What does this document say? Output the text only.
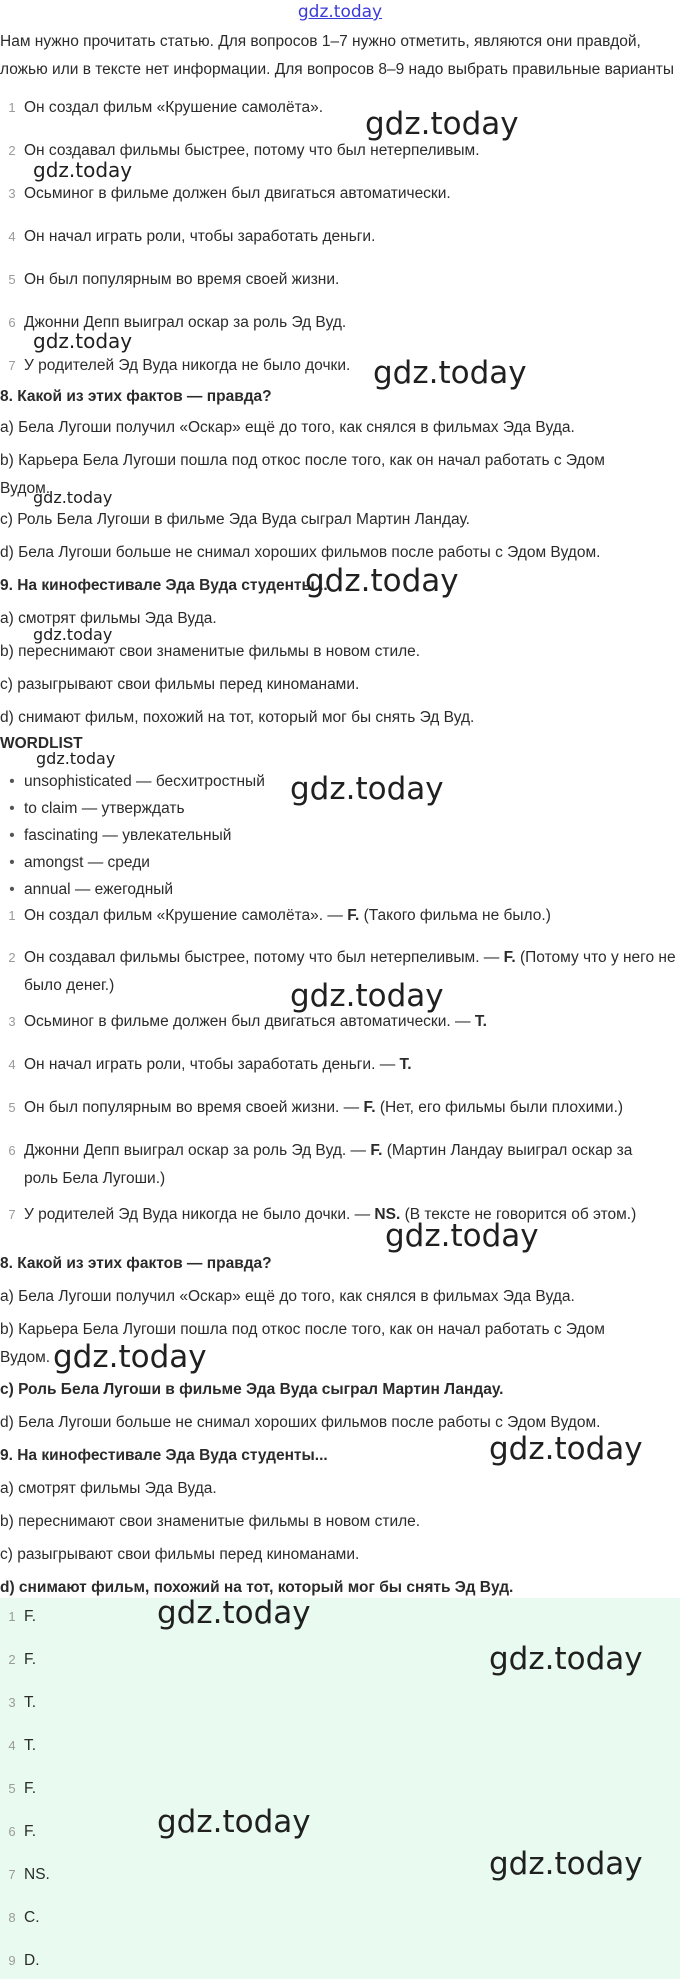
gdz.today
Нам нужно прочитать статью. Для вопросов 1–7 нужно отметить, являются они правдой, ложью или в тексте нет информации. Для вопросов 8–9 надо выбрать правильные варианты
1 Он создал фильм «Крушение самолёта».
2 Он создавал фильмы быстрее, потому что был нетерпеливым.
3 Осьминог в фильме должен был двигаться автоматически.
4 Он начал играть роли, чтобы заработать деньги.
5 Он был популярным во время своей жизни.
6 Джонни Депп выиграл оскар за роль Эд Вуд.
7 У родителей Эд Вуда никогда не было дочки.
8. Какой из этих фактов — правда?
a) Бела Лугоши получил «Оскар» ещё до того, как снялся в фильмах Эда Вуда.
b) Карьера Бела Лугоши пошла под откос после того, как он начал работать с Эдом Вудом.
c) Роль Бела Лугоши в фильме Эда Вуда сыграл Мартин Ландау.
d) Бела Лугоши больше не снимал хороших фильмов после работы с Эдом Вудом.
9. На кинофестивале Эда Вуда студенты...
a) смотрят фильмы Эда Вуда.
b) переснимают свои знаменитые фильмы в новом стиле.
c) разыгрывают свои фильмы перед киноманами.
d) снимают фильм, похожий на тот, который мог бы снять Эд Вуд.
WORDLIST
• unsophisticated — бесхитростный
• to claim — утверждать
• fascinating — увлекательный
• amongst — среди
• annual — ежегодный
1 Он создал фильм «Крушение самолёта». — F. (Такого фильма не было.)
2 Он создавал фильмы быстрее, потому что был нетерпеливым. — F. (Потому что у него не было денег.)
3 Осьминог в фильме должен был двигаться автоматически. — T.
4 Он начал играть роли, чтобы заработать деньги. — T.
5 Он был популярным во время своей жизни. — F. (Нет, его фильмы были плохими.)
6 Джонни Депп выиграл оскар за роль Эд Вуд. — F. (Мартин Ландау выиграл оскар за роль Бела Лугоши.)
7 У родителей Эд Вуда никогда не было дочки. — NS. (В тексте не говорится об этом.)
8. Какой из этих фактов — правда?
a) Бела Лугоши получил «Оскар» ещё до того, как снялся в фильмах Эда Вуда.
b) Карьера Бела Лугоши пошла под откос после того, как он начал работать с Эдом Вудом.
c) Роль Бела Лугоши в фильме Эда Вуда сыграл Мартин Ландау.
d) Бела Лугоши больше не снимал хороших фильмов после работы с Эдом Вудом.
9. На кинофестивале Эда Вуда студенты...
a) смотрят фильмы Эда Вуда.
b) переснимают свои знаменитые фильмы в новом стиле.
c) разыгрывают свои фильмы перед киноманами.
d) снимают фильм, похожий на тот, который мог бы снять Эд Вуд.
1 F.
2 F.
3 T.
4 T.
5 F.
6 F.
7 NS.
8 C.
9 D.
gdz.today
gdz.today
gdz.today
gdz.today
gdz.today
gdz.today
gdz.today
gdz.today
gdz.today
gdz.today
gdz.today
gdz.today
gdz.today
gdz.today
gdz.today
gdz.today
gdz.today
